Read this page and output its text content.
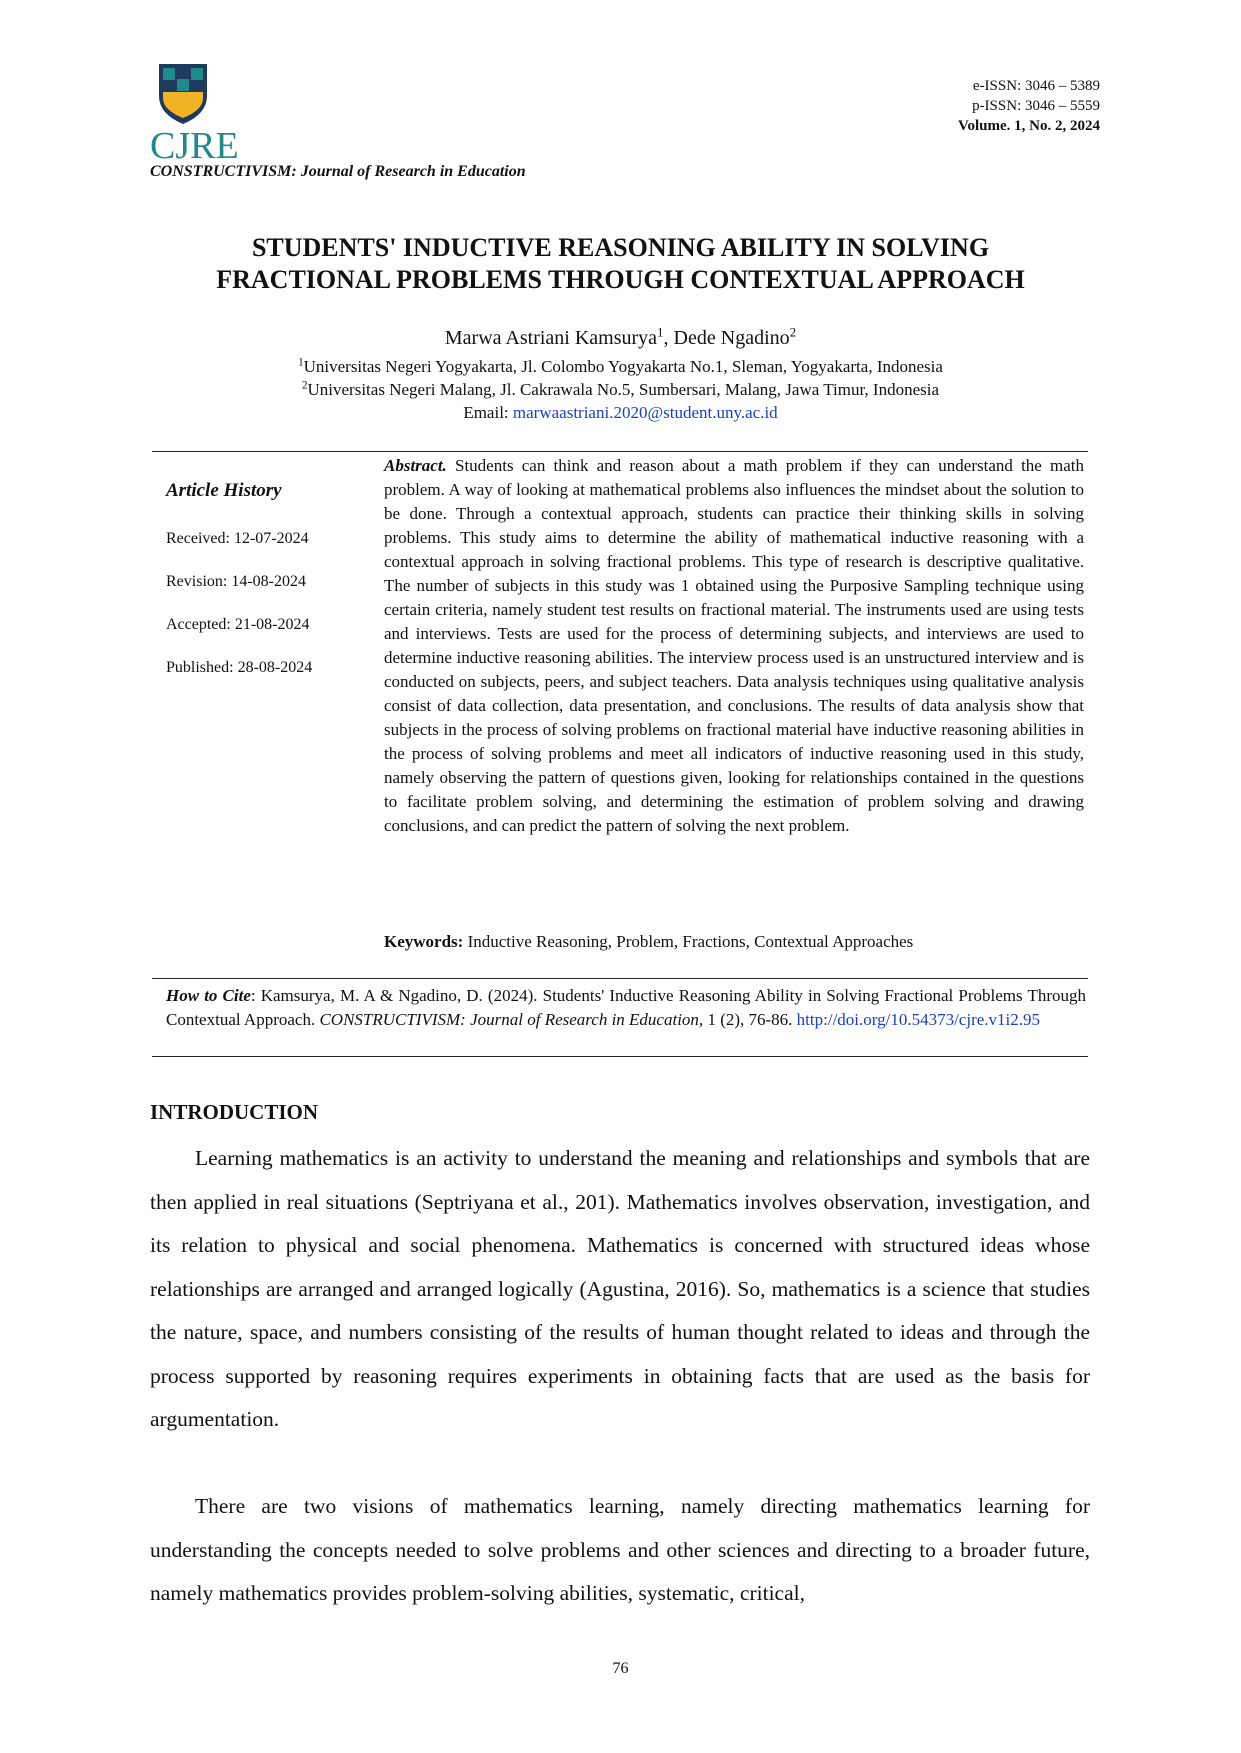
CJRE
CONSTRUCTIVISM: Journal of Research in Education
e-ISSN: 3046 – 5389
p-ISSN: 3046 – 5559
Volume. 1, No. 2, 2024
STUDENTS' INDUCTIVE REASONING ABILITY IN SOLVING
FRACTIONAL PROBLEMS THROUGH CONTEXTUAL APPROACH
Marwa Astriani Kamsurya$^1$, Dede Ngadino$^2$
$^1$Universitas Negeri Yogyakarta, Jl. Colombo Yogyakarta No.1, Sleman, Yogyakarta, Indonesia
$^2$Universitas Negeri Malang, Jl. Cakrawala No.5, Sumbersari, Malang, Jawa Timur, Indonesia
Email: marwaastriani.2020@student.uny.ac.id
Article History
Received: 12-07-2024
Revision: 14-08-2024
Accepted: 21-08-2024
Published: 28-08-2024
Abstract. Students can think and reason about a math problem if they can understand the math problem. A way of looking at mathematical problems also influences the mindset about the solution to be done. Through a contextual approach, students can practice their thinking skills in solving problems. This study aims to determine the ability of mathematical inductive reasoning with a contextual approach in solving fractional problems. This type of research is descriptive qualitative. The number of subjects in this study was 1 obtained using the Purposive Sampling technique using certain criteria, namely student test results on fractional material. The instruments used are using tests and interviews. Tests are used for the process of determining subjects, and interviews are used to determine inductive reasoning abilities. The interview process used is an unstructured interview and is conducted on subjects, peers, and subject teachers. Data analysis techniques using qualitative analysis consist of data collection, data presentation, and conclusions. The results of data analysis show that subjects in the process of solving problems on fractional material have inductive reasoning abilities in the process of solving problems and meet all indicators of inductive reasoning used in this study, namely observing the pattern of questions given, looking for relationships contained in the questions to facilitate problem solving, and determining the estimation of problem solving and drawing conclusions, and can predict the pattern of solving the next problem.
Keywords: Inductive Reasoning, Problem, Fractions, Contextual Approaches
How to Cite: Kamsurya, M. A & Ngadino, D. (2024). Students' Inductive Reasoning Ability in Solving Fractional Problems Through Contextual Approach. CONSTRUCTIVISM: Journal of Research in Education, 1 (2), 76-86. http://doi.org/10.54373/cjre.v1i2.95
INTRODUCTION
Learning mathematics is an activity to understand the meaning and relationships and symbols that are then applied in real situations (Septriyana et al., 201). Mathematics involves observation, investigation, and its relation to physical and social phenomena. Mathematics is concerned with structured ideas whose relationships are arranged and arranged logically (Agustina, 2016). So, mathematics is a science that studies the nature, space, and numbers consisting of the results of human thought related to ideas and through the process supported by reasoning requires experiments in obtaining facts that are used as the basis for argumentation.
There are two visions of mathematics learning, namely directing mathematics learning for understanding the concepts needed to solve problems and other sciences and directing to a broader future, namely mathematics provides problem-solving abilities, systematic, critical,
76
